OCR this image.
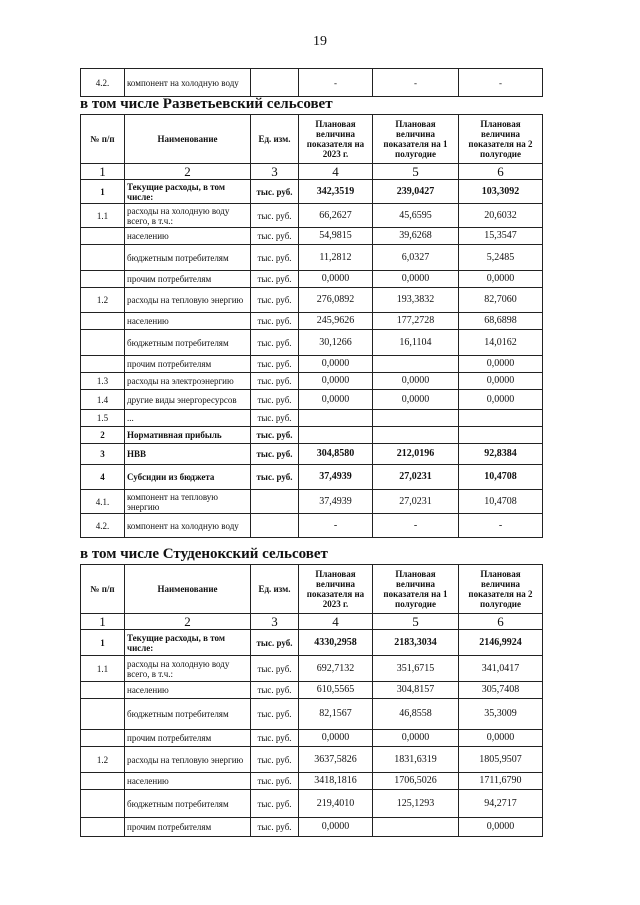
19
4.2.	компонент на холодную воду		-	-	-
в том числе Разветьевский сельсовет
№ п/п	Наименование	Ед. изм.	Плановая величина показателя на 2023 г.	Плановая величина показателя на 1 полугодие	Плановая величина показателя на 2 полугодие
1	2	3	4	5	6
1	Текущие расходы, в том числе:	тыс. руб.	342,3519	239,0427	103,3092
1.1	расходы на холодную воду всего, в т.ч.:	тыс. руб.	66,2627	45,6595	20,6032
	населению	тыс. руб.	54,9815	39,6268	15,3547
	бюджетным потребителям	тыс. руб.	11,2812	6,0327	5,2485
	прочим потребителям	тыс. руб.	0,0000	0,0000	0,0000
1.2	расходы на тепловую энергию	тыс. руб.	276,0892	193,3832	82,7060
	населению	тыс. руб.	245,9626	177,2728	68,6898
	бюджетным потребителям	тыс. руб.	30,1266	16,1104	14,0162
	прочим потребителям	тыс. руб.	0,0000		0,0000
1.3	расходы на электроэнергию	тыс. руб.	0,0000	0,0000	0,0000
1.4	другие виды энергоресурсов	тыс. руб.	0,0000	0,0000	0,0000
1.5	...	тыс. руб.			
2	Нормативная прибыль	тыс. руб.			
3	НВВ	тыс. руб.	304,8580	212,0196	92,8384
4	Субсидии из бюджета	тыс. руб.	37,4939	27,0231	10,4708
4.1.	компонент на тепловую энергию		37,4939	27,0231	10,4708
4.2.	компонент на холодную воду		-	-	-
в том числе Студенокский сельсовет
№ п/п	Наименование	Ед. изм.	Плановая величина показателя на 2023 г.	Плановая величина показателя на 1 полугодие	Плановая величина показателя на 2 полугодие
1	2	3	4	5	6
1	Текущие расходы, в том числе:	тыс. руб.	4330,2958	2183,3034	2146,9924
1.1	расходы на холодную воду всего, в т.ч.:	тыс. руб.	692,7132	351,6715	341,0417
	населению	тыс. руб.	610,5565	304,8157	305,7408
	бюджетным потребителям	тыс. руб.	82,1567	46,8558	35,3009
	прочим потребителям	тыс. руб.	0,0000	0,0000	0,0000
1.2	расходы на тепловую энергию	тыс. руб.	3637,5826	1831,6319	1805,9507
	населению	тыс. руб.	3418,1816	1706,5026	1711,6790
	бюджетным потребителям	тыс. руб.	219,4010	125,1293	94,2717
	прочим потребителям	тыс. руб.	0,0000		0,0000
